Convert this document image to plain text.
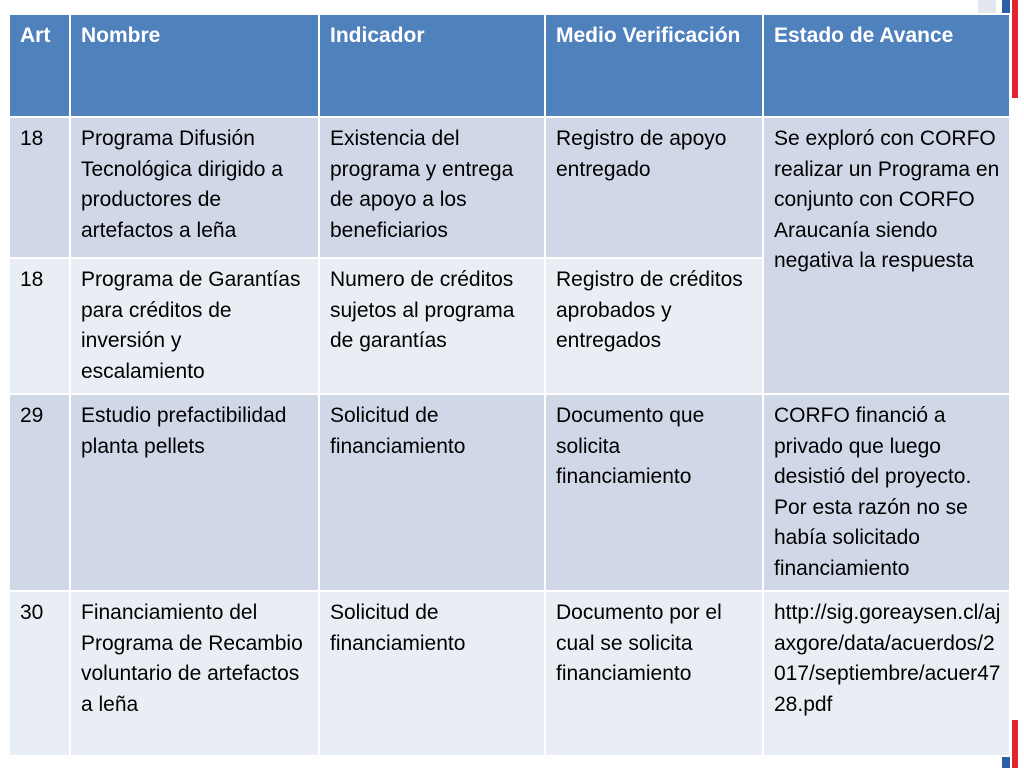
Art	Nombre	Indicador	Medio Verificación	Estado de Avance

18	Programa Difusión Tecnológica dirigido a productores de artefactos a leña	Existencia del programa y entrega de apoyo a los beneficiarios	Registro de apoyo entregado	Se exploró con CORFO realizar un Programa en conjunto con CORFO Araucanía siendo negativa la respuesta

18	Programa de Garantías para créditos de inversión y escalamiento	Numero de créditos sujetos al programa de garantías	Registro de créditos aprobados y entregados	

29	Estudio prefactibilidad planta pellets	Solicitud de financiamiento	Documento que solicita financiamiento	CORFO financió a privado que luego desistió del proyecto. Por esta razón no se había solicitado financiamiento

30	Financiamiento del Programa de Recambio voluntario de artefactos a leña	Solicitud de financiamiento	Documento por el cual se solicita financiamiento	http://sig.goreaysen.cl/ajaxgore/data/acuerdos/2017/septiembre/acuer4728.pdf
